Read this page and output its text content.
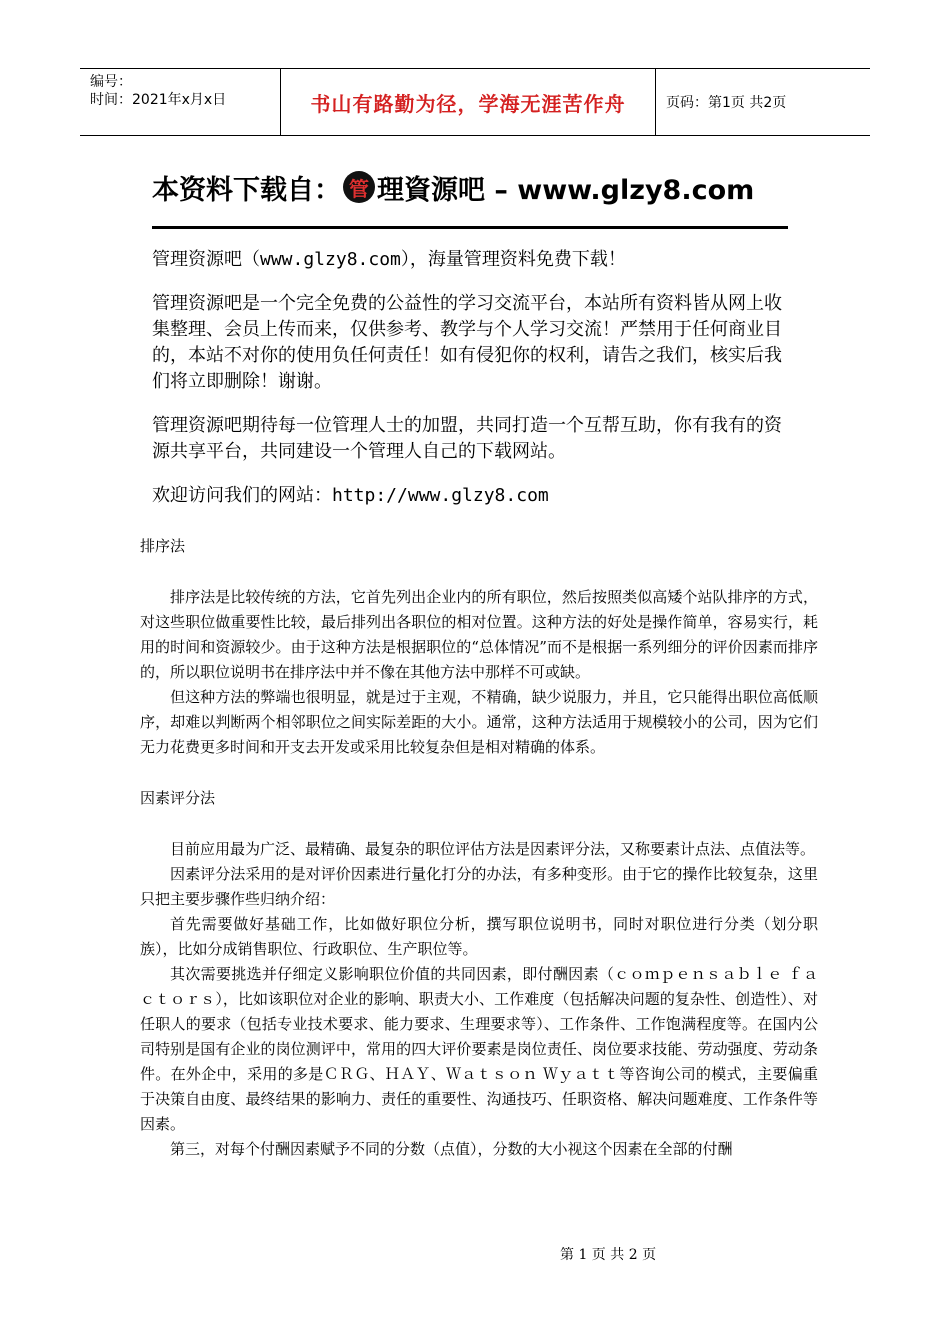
编号：
时间：2021年x月x日	书山有路勤为径，学海无涯苦作舟	页码：第1页 共2页
本资料下载自： 管 理資源吧 – www.glzy8.com

管理资源吧（www.glzy8.com），海量管理资料免费下载！

管理资源吧是一个完全免费的公益性的学习交流平台，本站所有资料皆从网上收集整理、会员上传而来，仅供参考、教学与个人学习交流！严禁用于任何商业目的，本站不对你的使用负任何责任！如有侵犯你的权利，请告之我们，核实后我们将立即删除！谢谢。

管理资源吧期待每一位管理人士的加盟，共同打造一个互帮互助，你有我有的资源共享平台，共同建设一个管理人自己的下载网站。

欢迎访问我们的网站：http://www.glzy8.com

排序法

排序法是比较传统的方法，它首先列出企业内的所有职位，然后按照类似高矮个站队排序的方式，对这些职位做重要性比较，最后排列出各职位的相对位置。这种方法的好处是操作简单，容易实行，耗用的时间和资源较少。由于这种方法是根据职位的“总体情况”而不是根据一系列细分的评价因素而排序的，所以职位说明书在排序法中并不像在其他方法中那样不可或缺。

但这种方法的弊端也很明显，就是过于主观，不精确，缺少说服力，并且，它只能得出职位高低顺序，却难以判断两个相邻职位之间实际差距的大小。通常，这种方法适用于规模较小的公司，因为它们无力花费更多时间和开支去开发或采用比较复杂但是相对精确的体系。

因素评分法

目前应用最为广泛、最精确、最复杂的职位评估方法是因素评分法，又称要素计点法、点值法等。

因素评分法采用的是对评价因素进行量化打分的办法，有多种变形。由于它的操作比较复杂，这里只把主要步骤作些归纳介绍：

首先需要做好基础工作，比如做好职位分析，撰写职位说明书，同时对职位进行分类（划分职族），比如分成销售职位、行政职位、生产职位等。

其次需要挑选并仔细定义影响职位价值的共同因素，即付酬因素（ｃｏｍｐｅｎｓａｂｌｅ ｆａｃｔｏｒｓ），比如该职位对企业的影响、职责大小、工作难度（包括解决问题的复杂性、创造性）、对任职人的要求（包括专业技术要求、能力要求、生理要求等）、工作条件、工作饱满程度等。在国内公司特别是国有企业的岗位测评中，常用的四大评价要素是岗位责任、岗位要求技能、劳动强度、劳动条件。在外企中，采用的多是ＣＲＧ、ＨＡＹ、Ｗａｔｓｏｎ Ｗｙａｔｔ等咨询公司的模式，主要偏重于决策自由度、最终结果的影响力、责任的重要性、沟通技巧、任职资格、解决问题难度、工作条件等因素。

第三，对每个付酬因素赋予不同的分数（点值），分数的大小视这个因素在全部的付酬

第 1 页 共 2 页
